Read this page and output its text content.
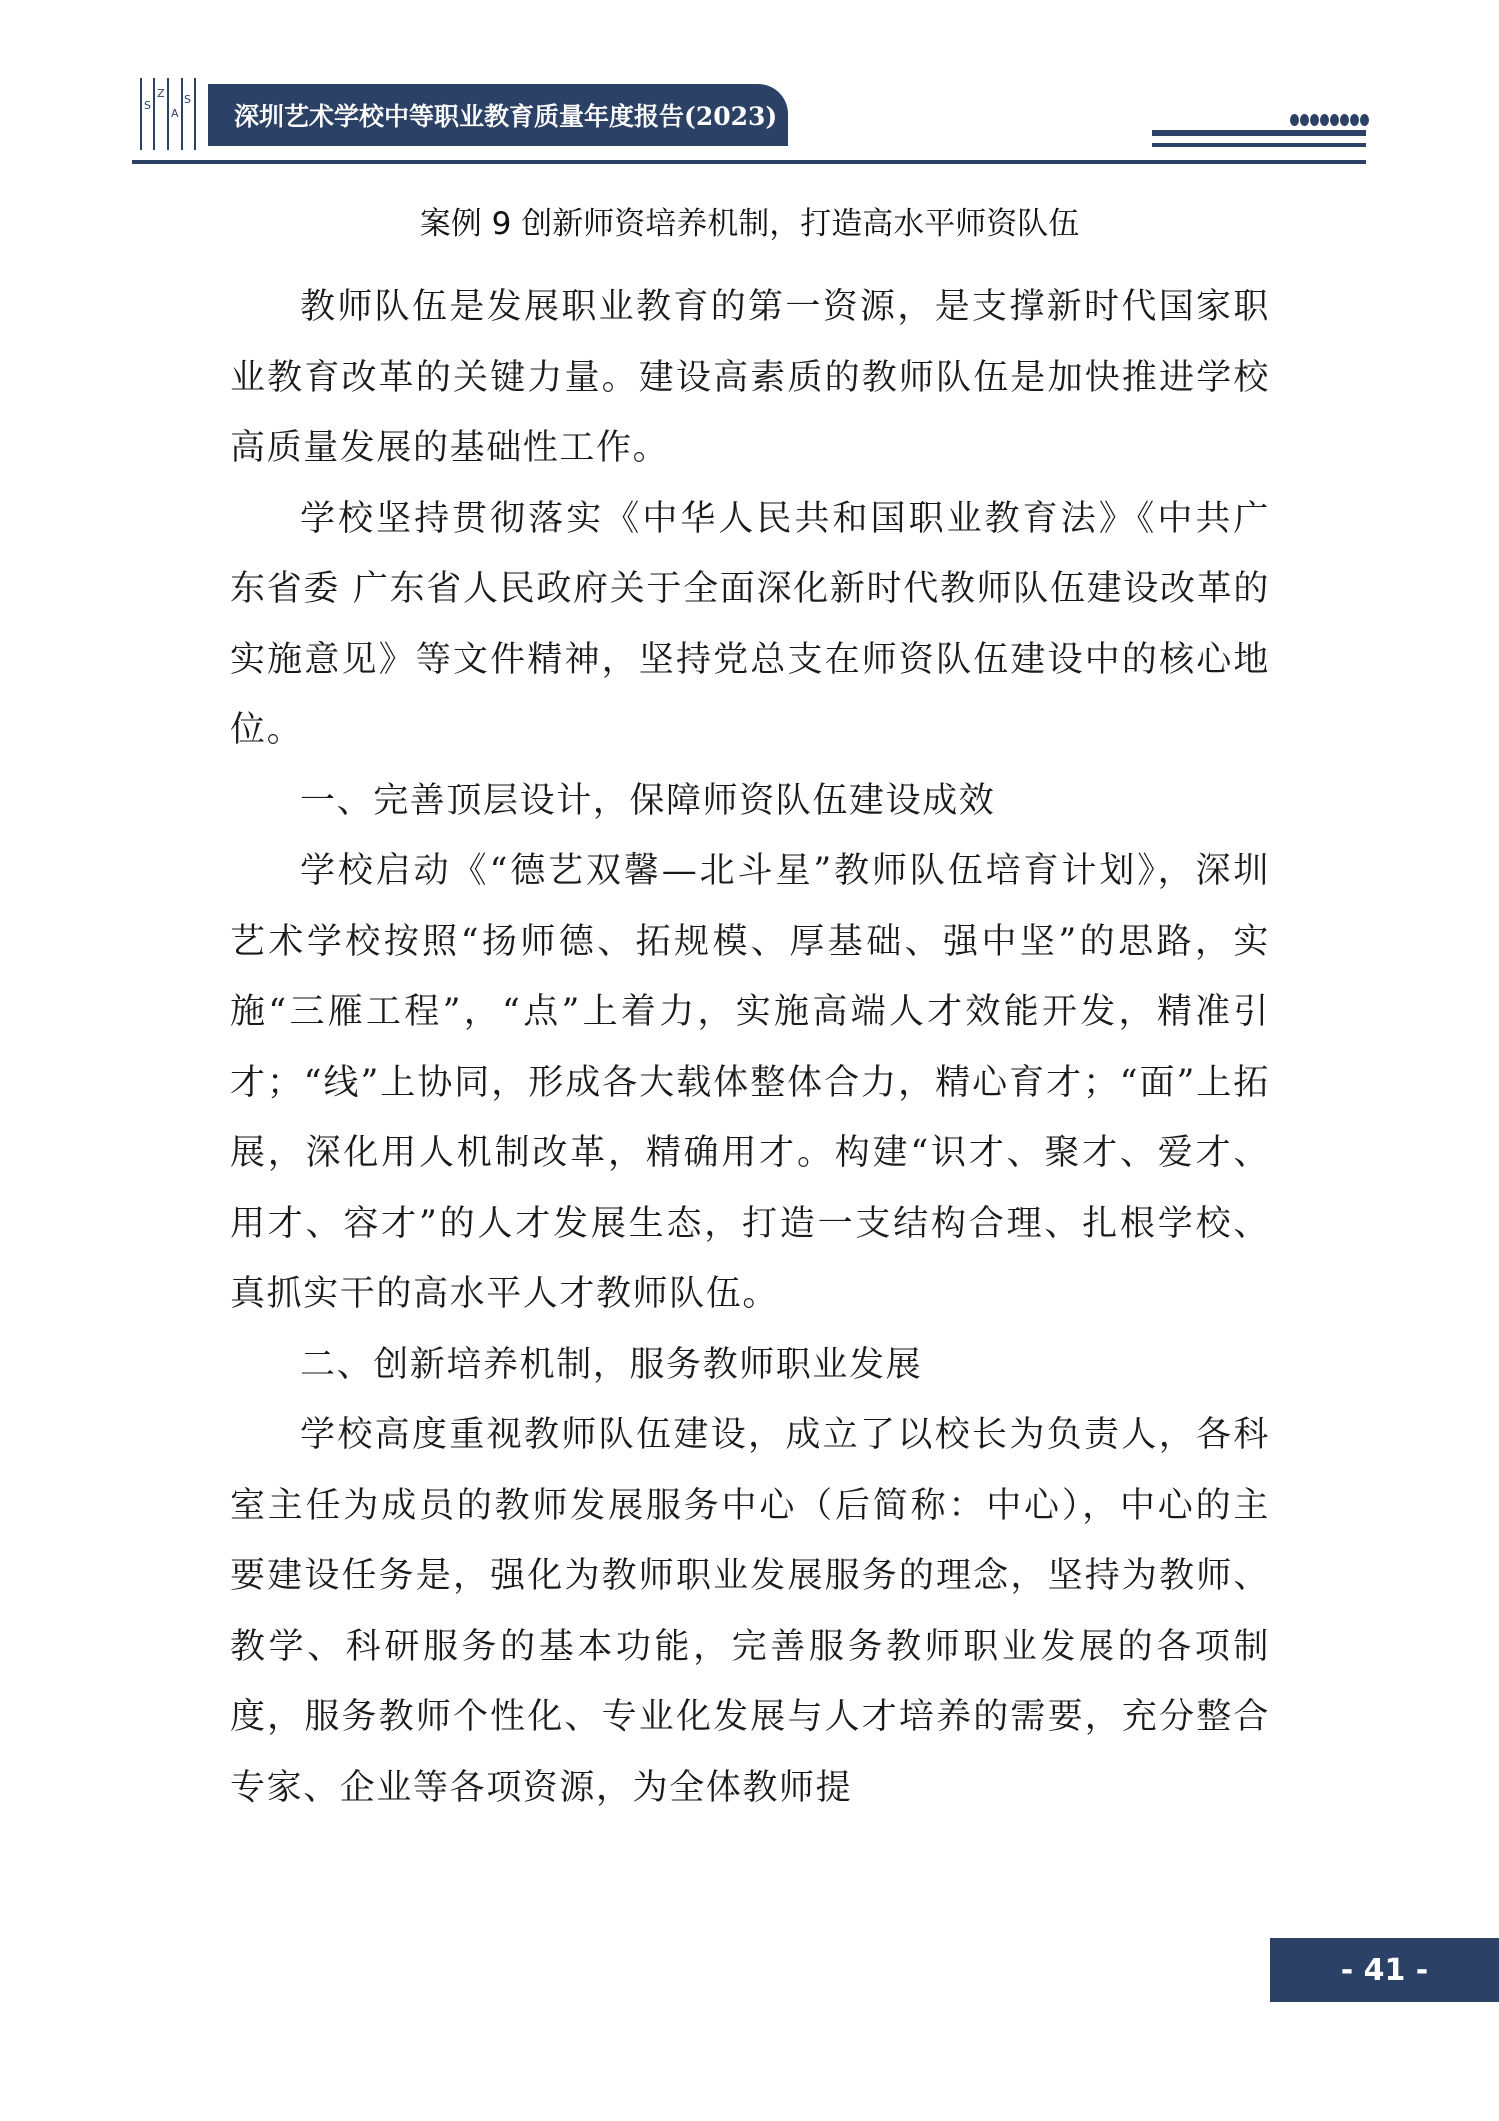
S
Z
A
S
深圳艺术学校中等职业教育质量年度报告(2023)
案例 9 创新师资培养机制，打造高水平师资队伍

教师队伍是发展职业教育的第一资源，是支撑新时代国家职业教育改革的关键力量。建设高素质的教师队伍是加快推进学校高质量发展的基础性工作。

学校坚持贯彻落实《中华人民共和国职业教育法》《中共广东省委 广东省人民政府关于全面深化新时代教师队伍建设改革的实施意见》等文件精神，坚持党总支在师资队伍建设中的核心地位。

一、完善顶层设计，保障师资队伍建设成效

学校启动《“德艺双馨—北斗星”教师队伍培育计划》，深圳艺术学校按照“扬师德、拓规模、厚基础、强中坚”的思路，实施“三雁工程”，“点”上着力，实施高端人才效能开发，精准引才；“线”上协同，形成各大载体整体合力，精心育才；“面”上拓展，深化用人机制改革，精确用才。构建“识才、聚才、爱才、用才、容才”的人才发展生态，打造一支结构合理、扎根学校、真抓实干的高水平人才教师队伍。

二、创新培养机制，服务教师职业发展

学校高度重视教师队伍建设，成立了以校长为负责人，各科室主任为成员的教师发展服务中心（后简称：中心），中心的主要建设任务是，强化为教师职业发展服务的理念，坚持为教师、教学、科研服务的基本功能，完善服务教师职业发展的各项制度，服务教师个性化、专业化发展与人才培养的需要，充分整合专家、企业等各项资源，为全体教师提

- 41 -
